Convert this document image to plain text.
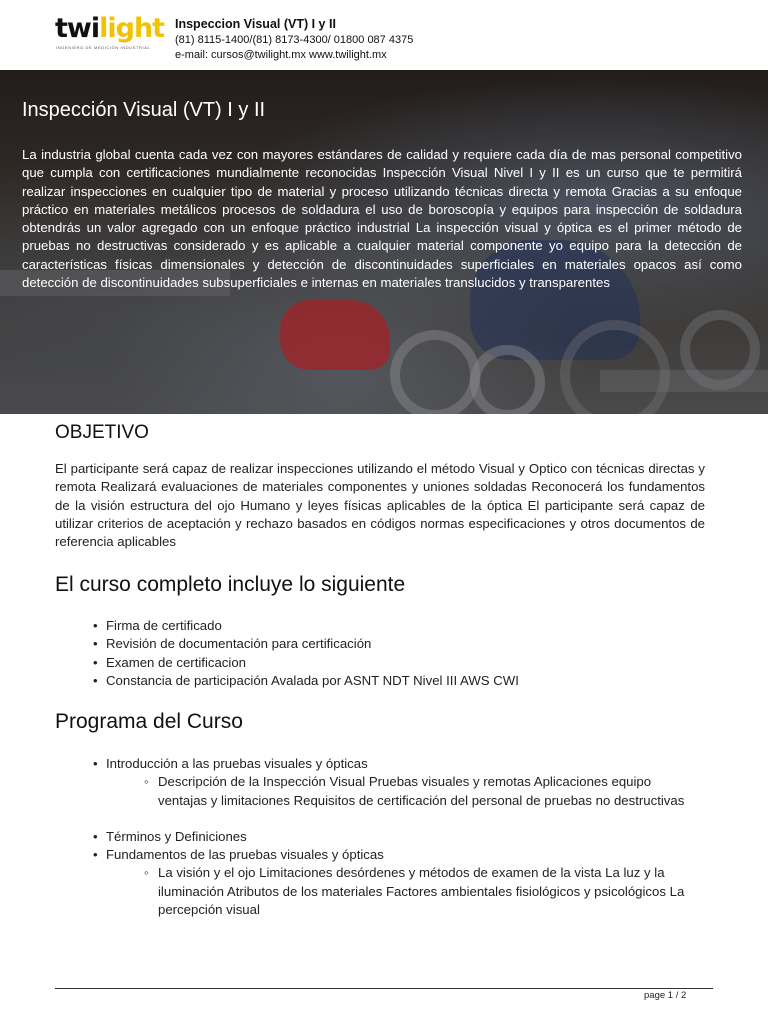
twilight
INGENIERO DE MEDICIÓN INDUSTRIAL
Inspeccion Visual (VT) I y II
(81) 8115-1400/(81) 8173-4300/ 01800 087 4375
e-mail: cursos@twilight.mx www.twilight.mx
Inspección Visual (VT) I y II
La industria global cuenta cada vez con mayores estándares de calidad y requiere cada día de mas personal competitivo que cumpla con certificaciones mundialmente reconocidas Inspección Visual Nivel I y II es un curso que te permitirá realizar inspecciones en cualquier tipo de material y proceso utilizando técnicas directa y remota Gracias a su enfoque práctico en materiales metálicos procesos de soldadura el uso de boroscopía y equipos para inspección de soldadura obtendrás un valor agregado con un enfoque práctico industrial La inspección visual y óptica es el primer método de pruebas no destructivas considerado y es aplicable a cualquier material componente yo equipo para la detección de características físicas dimensionales y detección de discontinuidades superficiales en materiales opacos así como detección de discontinuidades subsuperficiales e internas en materiales translucidos y transparentes
OBJETIVO

El participante será capaz de realizar inspecciones utilizando el método Visual y Optico con técnicas directas y remota Realizará evaluaciones de materiales componentes y uniones soldadas Reconocerá los fundamentos de la visión estructura del ojo Humano y leyes físicas aplicables de la óptica El participante será capaz de utilizar criterios de aceptación y rechazo basados en códigos normas especificaciones y otros documentos de referencia aplicables

El curso completo incluye lo siguiente
• Firma de certificado
• Revisión de documentación para certificación
• Examen de certificacion
• Constancia de participación Avalada por ASNT NDT Nivel III AWS CWI
Programa del Curso
• Introducción a las pruebas visuales y ópticas
◦ Descripción de la Inspección Visual Pruebas visuales y remotas Aplicaciones equipo ventajas y limitaciones Requisitos de certificación del personal de pruebas no destructivas
• Términos y Definiciones
• Fundamentos de las pruebas visuales y ópticas
◦ La visión y el ojo Limitaciones desórdenes y métodos de examen de la vista La luz y la iluminación Atributos de los materiales Factores ambientales fisiológicos y psicológicos La percepción visual
page 1 / 2
